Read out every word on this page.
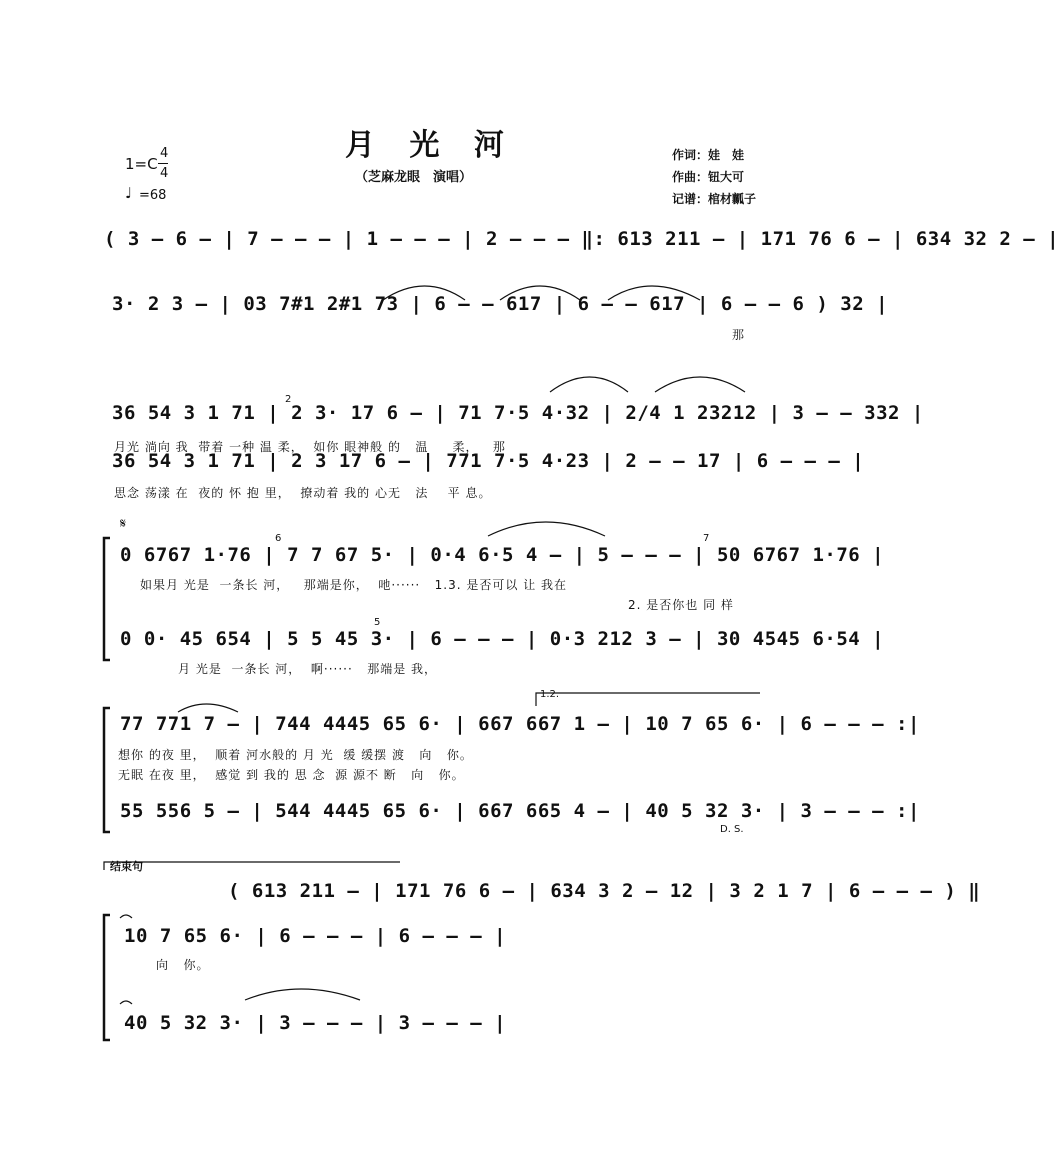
月 光 河
（芝麻龙眼　演唱）
1=C
4
4
♩ =68
作词：娃　娃
作曲：钮大可
记谱：棺材瓤子
( 3 – 6 – | 7 – – – | 1 – – – | 2 – – – ‖: 613 211 – | 171 76 6 – | 634 32 2 – |
3· 2 3 – | 03 7#1 2#1 73 | 6 – – 617 | 6 – – 617 | 6 – – 6 ) 32 |
那
36 54 3 1 71 | 2 3· 17 6 – | 71 7·5 4·32 | 2/4 1 23212 | 3 – – 332 |
月光 淌向 我  带着 一种 温 柔，  如你 眼神般 的   温     柔，   那
36 54 3 1 71 | 2 3 17 6 – | 771 7·5 4·23 | 2 – – 17 | 6 – – – |
思念 荡漾 在  夜的 怀 抱 里，  撩动着 我的 心无   法    平 息。
𝄋
0 6767 1·76 | 7 7 67 5· | 0·4 6·5 4 – | 5 – – – | 50 6767 1·76 |
如果月 光是  一条长 河，   那端是你，  吔······   1.3. 是否可以 让 我在
2. 是否你也 同 样
0 0· 45 654 | 5 5 45 3· | 6 – – – | 0·3 212 3 – | 30 4545 6·54 |
月 光是  一条长 河，  啊······   那端是 我，
1.2.
77 771 7 – | 744 4445 65 6· | 667 667 1 – | 10 7 65 6· | 6 – – – :|
想你 的夜 里，  顺着 河水般的 月 光  缓 缓摆 渡   向   你。
无眠 在夜 里，  感觉 到 我的 思 念  源 源不 断   向   你。
55 556 5 – | 544 4445 65 6· | 667 665 4 – | 40 5 32 3· | 3 – – – :|
D. S.
结束句
( 613 211 – | 171 76 6 – | 634 3 2 – 12 | 3 2 1 7 | 6 – – – ) ‖
10 7 65 6· | 6 – – – | 6 – – – |
向   你。
40 5 32 3· | 3 – – – | 3 – – – |
2
6
5
7
